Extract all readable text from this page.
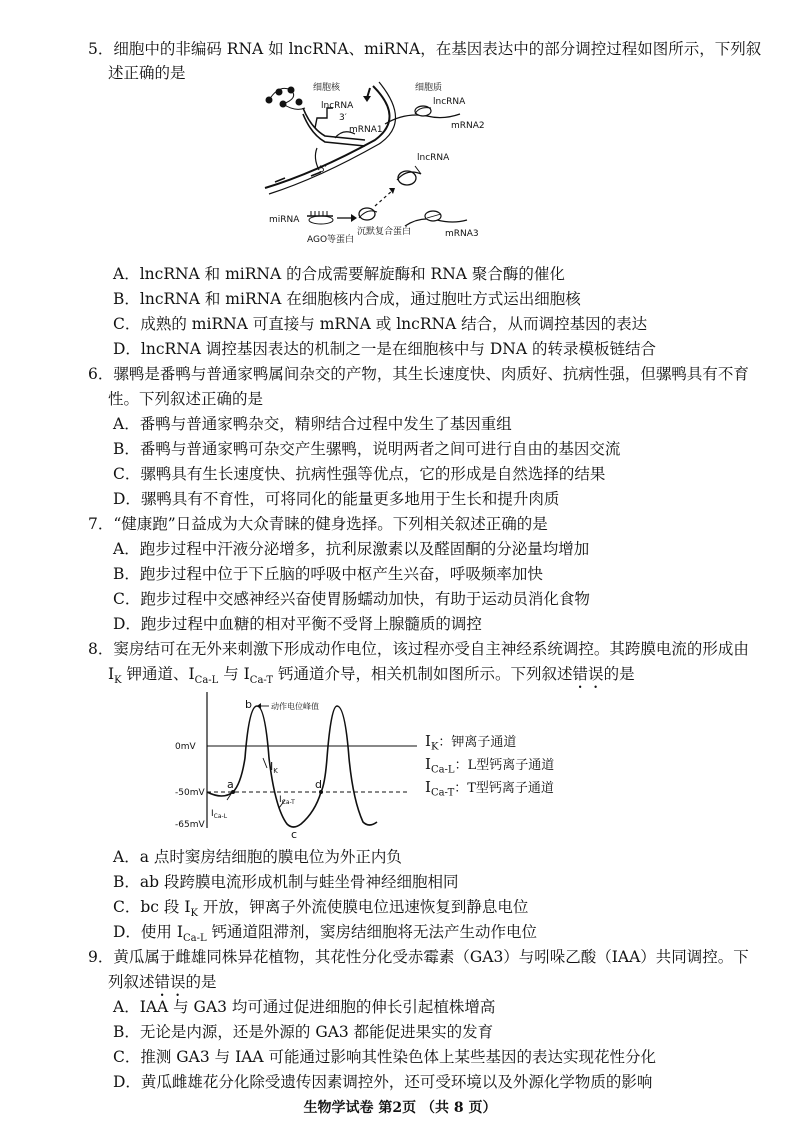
5．细胞中的非编码 RNA 如 lncRNA、miRNA，在基因表达中的部分调控过程如图所示，下列叙
述正确的是
细胞核	细胞质
lncRNA
3′
mRNA1
5′
lncRNA
mRNA2
lncRNA
miRNA
AGO等蛋白
沉默复合蛋白	mRNA3
A．lncRNA 和 miRNA 的合成需要解旋酶和 RNA 聚合酶的催化
B．lncRNA 和 miRNA 在细胞核内合成，通过胞吐方式运出细胞核
C．成熟的 miRNA 可直接与 mRNA 或 lncRNA 结合，从而调控基因的表达
D．lncRNA 调控基因表达的机制之一是在细胞核中与 DNA 的转录模板链结合
6．骡鸭是番鸭与普通家鸭属间杂交的产物，其生长速度快、肉质好、抗病性强，但骡鸭具有不育
性。下列叙述正确的是
A．番鸭与普通家鸭杂交，精卵结合过程中发生了基因重组
B．番鸭与普通家鸭可杂交产生骡鸭，说明两者之间可进行自由的基因交流
C．骡鸭具有生长速度快、抗病性强等优点，它的形成是自然选择的结果
D．骡鸭具有不育性，可将同化的能量更多地用于生长和提升肉质
7．“健康跑”日益成为大众青睐的健身选择。下列相关叙述正确的是
A．跑步过程中汗液分泌增多，抗利尿激素以及醛固酮的分泌量均增加
B．跑步过程中位于下丘脑的呼吸中枢产生兴奋，呼吸频率加快
C．跑步过程中交感神经兴奋使胃肠蠕动加快，有助于运动员消化食物
D．跑步过程中血糖的相对平衡不受肾上腺髓质的调控
8．窦房结可在无外来刺激下形成动作电位，该过程亦受自主神经系统调控。其跨膜电流的形成由
$I_K$ 钾通道、$I_{Ca-L}$ 与 $I_{Ca-T}$ 钙通道介导，相关机制如图所示。下列叙述错误的是
0mV
-50mV
-65mV
动作电位峰值
b
a
c
d
$I_K$
$I_{Ca-L}$
$I_{Ca-T}$
$I_K$：钾离子通道
$I_{Ca-L}$：L型钙离子通道
$I_{Ca-T}$：T型钙离子通道
A．a 点时窦房结细胞的膜电位为外正内负
B．ab 段跨膜电流形成机制与蛙坐骨神经细胞相同
C．bc 段 $I_K$ 开放，钾离子外流使膜电位迅速恢复到静息电位
D．使用 $I_{Ca-L}$ 钙通道阻滞剂，窦房结细胞将无法产生动作电位
9．黄瓜属于雌雄同株异花植物，其花性分化受赤霉素（GA3）与吲哚乙酸（IAA）共同调控。下
列叙述错误的是
A．IAA 与 GA3 均可通过促进细胞的伸长引起植株增高
B．无论是内源，还是外源的 GA3 都能促进果实的发育
C．推测 GA3 与 IAA 可能通过影响其性染色体上某些基因的表达实现花性分化
D．黄瓜雌雄花分化除受遗传因素调控外，还可受环境以及外源化学物质的影响
生物学试卷 第2页 （共 8 页）
